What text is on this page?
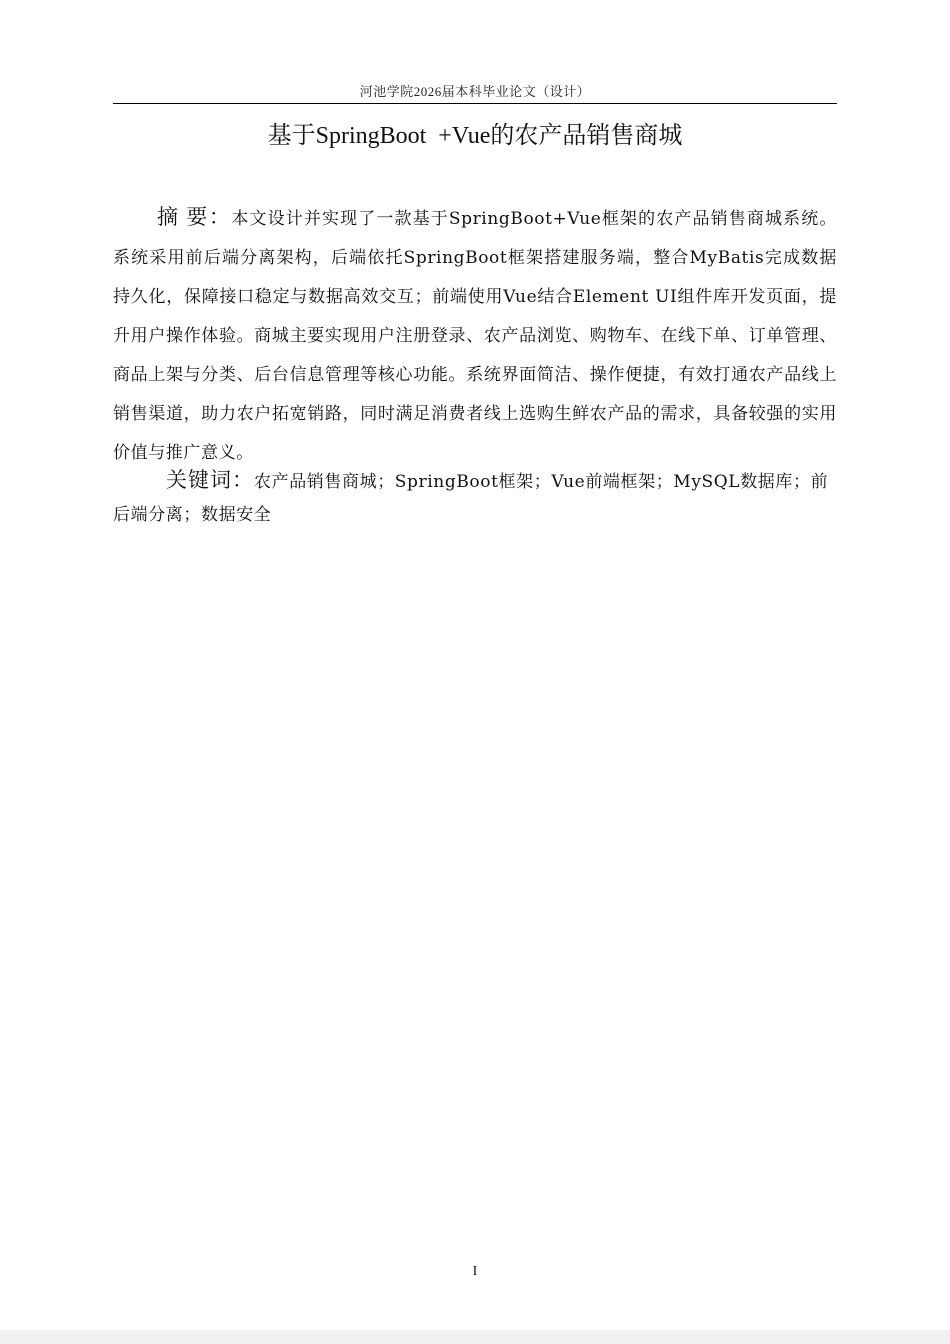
河池学院2026届本科毕业论文（设计）
基于SpringBoot  +Vue的农产品销售商城

摘 要：本文设计并实现了一款基于SpringBoot+Vue框架的农产品销售商城系统。系统采用前后端分离架构，后端依托SpringBoot框架搭建服务端，整合MyBatis完成数据持久化，保障接口稳定与数据高效交互；前端使用Vue结合Element UI组件库开发页面，提升用户操作体验。商城主要实现用户注册登录、农产品浏览、购物车、在线下单、订单管理、商品上架与分类、后台信息管理等核心功能。系统界面简洁、操作便捷，有效打通农产品线上销售渠道，助力农户拓宽销路，同时满足消费者线上选购生鲜农产品的需求，具备较强的实用价值与推广意义。

关键词：农产品销售商城；SpringBoot框架；Vue前端框架；MySQL数据库；前后端分离；数据安全

I
